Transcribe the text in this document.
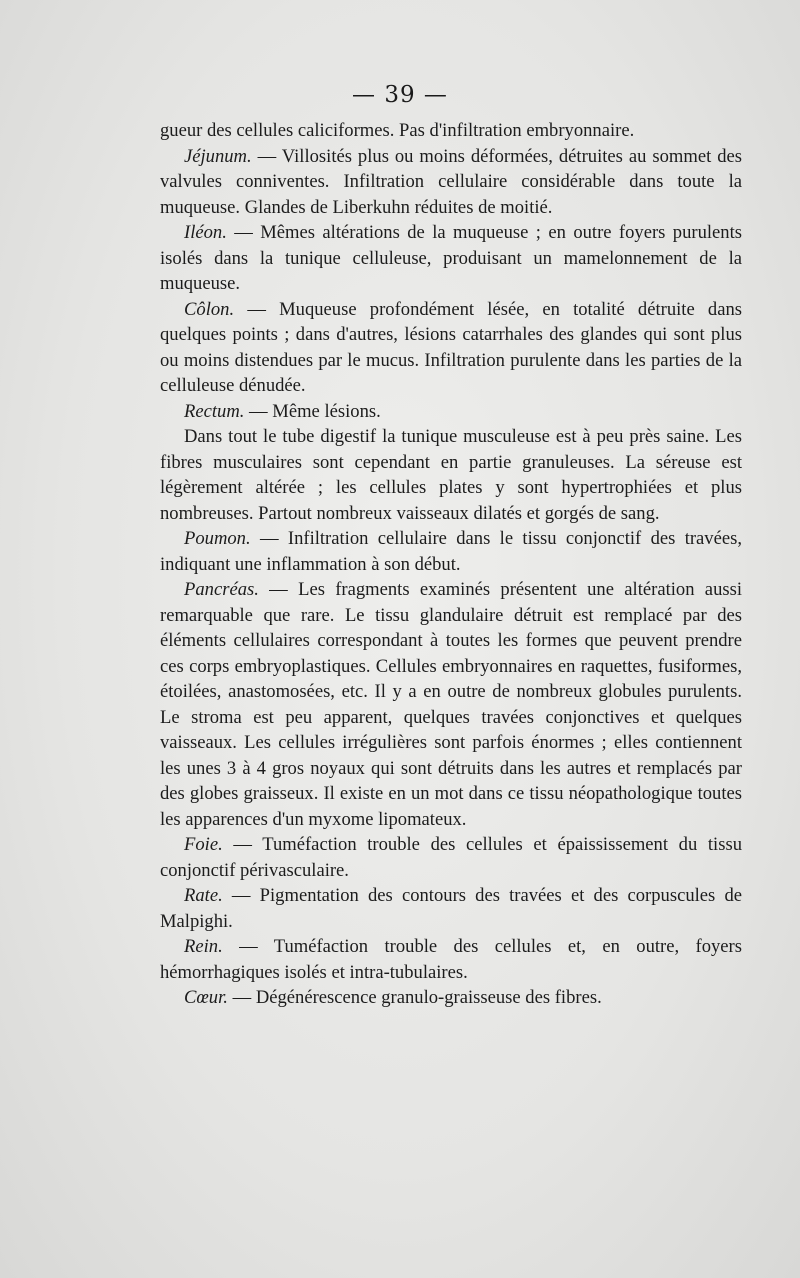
— 39 —

gueur des cellules caliciformes. Pas d'infiltration embryonnaire.

Jéjunum. — Villosités plus ou moins déformées, détruites au sommet des valvules conniventes. Infiltration cellulaire considérable dans toute la muqueuse. Glandes de Liberkuhn réduites de moitié.

Iléon. — Mêmes altérations de la muqueuse ; en outre foyers purulents isolés dans la tunique celluleuse, produisant un mamelonnement de la muqueuse.

Côlon. — Muqueuse profondément lésée, en totalité détruite dans quelques points ; dans d'autres, lésions catarrhales des glandes qui sont plus ou moins distendues par le mucus. Infiltration purulente dans les parties de la celluleuse dénudée.

Rectum. — Même lésions.

Dans tout le tube digestif la tunique musculeuse est à peu près saine. Les fibres musculaires sont cependant en partie granuleuses. La séreuse est légèrement altérée ; les cellules plates y sont hypertrophiées et plus nombreuses. Partout nombreux vaisseaux dilatés et gorgés de sang.

Poumon. — Infiltration cellulaire dans le tissu conjonctif des travées, indiquant une inflammation à son début.

Pancréas. — Les fragments examinés présentent une altération aussi remarquable que rare. Le tissu glandulaire détruit est remplacé par des éléments cellulaires correspondant à toutes les formes que peuvent prendre ces corps embryoplastiques. Cellules embryonnaires en raquettes, fusiformes, étoilées, anastomosées, etc. Il y a en outre de nombreux globules purulents. Le stroma est peu apparent, quelques travées conjonctives et quelques vaisseaux. Les cellules irrégulières sont parfois énormes ; elles contiennent les unes 3 à 4 gros noyaux qui sont détruits dans les autres et remplacés par des globes graisseux. Il existe en un mot dans ce tissu néopathologique toutes les apparences d'un myxome lipomateux.

Foie. — Tuméfaction trouble des cellules et épaississement du tissu conjonctif périvasculaire.

Rate. — Pigmentation des contours des travées et des corpuscules de Malpighi.

Rein. — Tuméfaction trouble des cellules et, en outre, foyers hémorrhagiques isolés et intra-tubulaires.

Cœur. — Dégénérescence granulo-graisseuse des fibres.
